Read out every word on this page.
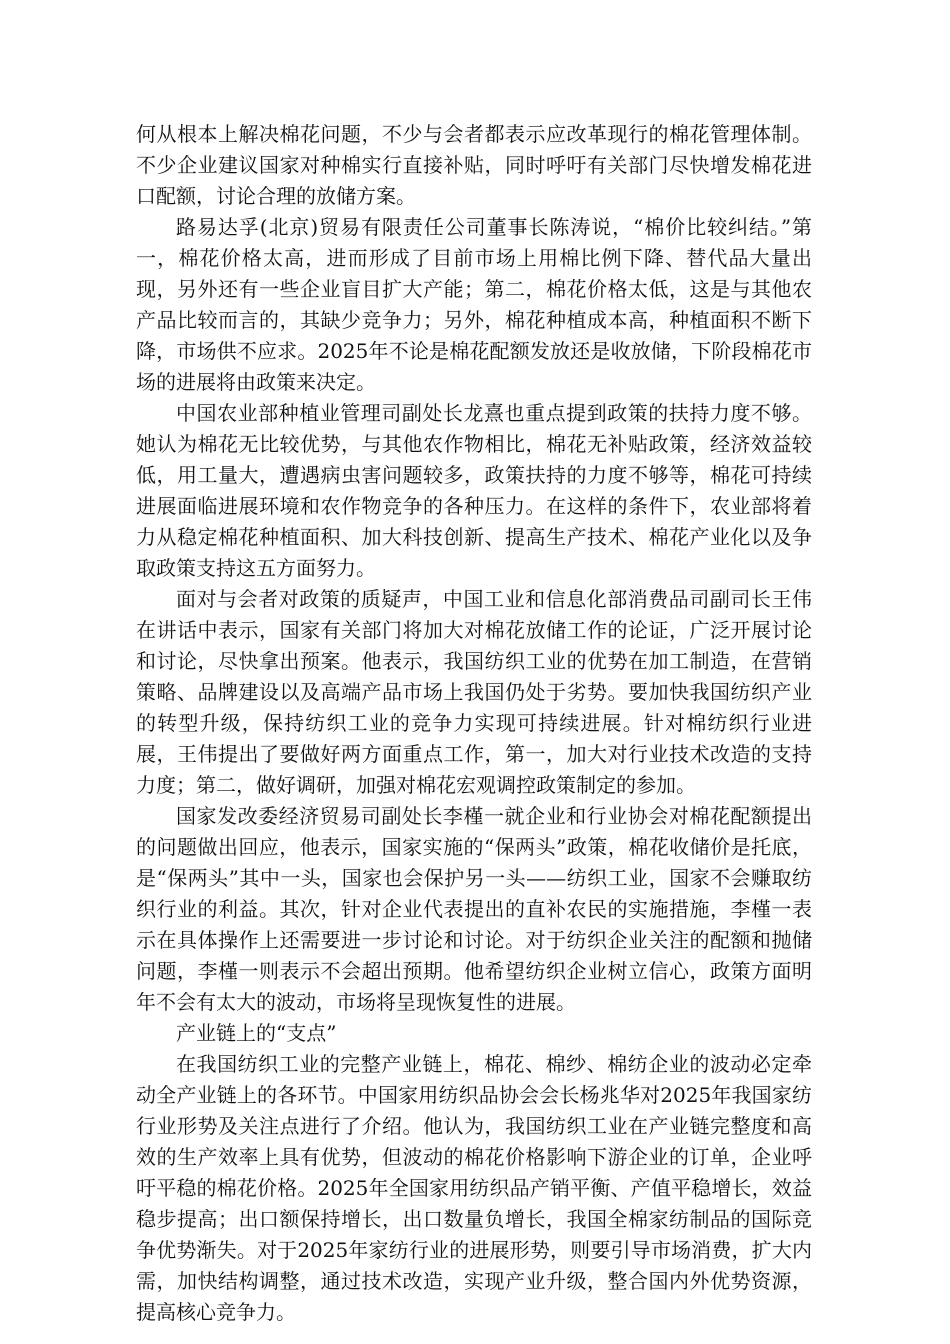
何从根本上解决棉花问题，不少与会者都表示应改革现行的棉花管理体制。不少企业建议国家对种棉实行直接补贴，同时呼吁有关部门尽快增发棉花进口配额，讨论合理的放储方案。

路易达孚(北京)贸易有限责任公司董事长陈涛说，“棉价比较纠结。”第一，棉花价格太高，进而形成了目前市场上用棉比例下降、替代品大量出现，另外还有一些企业盲目扩大产能；第二，棉花价格太低，这是与其他农产品比较而言的，其缺少竞争力；另外，棉花种植成本高，种植面积不断下降，市场供不应求。2025年不论是棉花配额发放还是收放储，下阶段棉花市场的进展将由政策来决定。

中国农业部种植业管理司副处长龙熹也重点提到政策的扶持力度不够。她认为棉花无比较优势，与其他农作物相比，棉花无补贴政策，经济效益较低，用工量大，遭遇病虫害问题较多，政策扶持的力度不够等，棉花可持续进展面临进展环境和农作物竞争的各种压力。在这样的条件下，农业部将着力从稳定棉花种植面积、加大科技创新、提高生产技术、棉花产业化以及争取政策支持这五方面努力。

面对与会者对政策的质疑声，中国工业和信息化部消费品司副司长王伟在讲话中表示，国家有关部门将加大对棉花放储工作的论证，广泛开展讨论和讨论，尽快拿出预案。他表示，我国纺织工业的优势在加工制造，在营销策略、品牌建设以及高端产品市场上我国仍处于劣势。要加快我国纺织产业的转型升级，保持纺织工业的竞争力实现可持续进展。针对棉纺织行业进展，王伟提出了要做好两方面重点工作，第一，加大对行业技术改造的支持力度；第二，做好调研，加强对棉花宏观调控政策制定的参加。

国家发改委经济贸易司副处长李槿一就企业和行业协会对棉花配额提出的问题做出回应，他表示，国家实施的“保两头”政策，棉花收储价是托底，是“保两头”其中一头，国家也会保护另一头——纺织工业，国家不会赚取纺织行业的利益。其次，针对企业代表提出的直补农民的实施措施，李槿一表示在具体操作上还需要进一步讨论和讨论。对于纺织企业关注的配额和抛储问题，李槿一则表示不会超出预期。他希望纺织企业树立信心，政策方面明年不会有太大的波动，市场将呈现恢复性的进展。

产业链上的“支点”

在我国纺织工业的完整产业链上，棉花、棉纱、棉纺企业的波动必定牵动全产业链上的各环节。中国家用纺织品协会会长杨兆华对2025年我国家纺行业形势及关注点进行了介绍。他认为，我国纺织工业在产业链完整度和高效的生产效率上具有优势，但波动的棉花价格影响下游企业的订单，企业呼吁平稳的棉花价格。2025年全国家用纺织品产销平衡、产值平稳增长，效益稳步提高；出口额保持增长，出口数量负增长，我国全棉家纺制品的国际竞争优势渐失。对于2025年家纺行业的进展形势，则要引导市场消费，扩大内需，加快结构调整，通过技术改造，实现产业升级，整合国内外优势资源，提高核心竞争力。
